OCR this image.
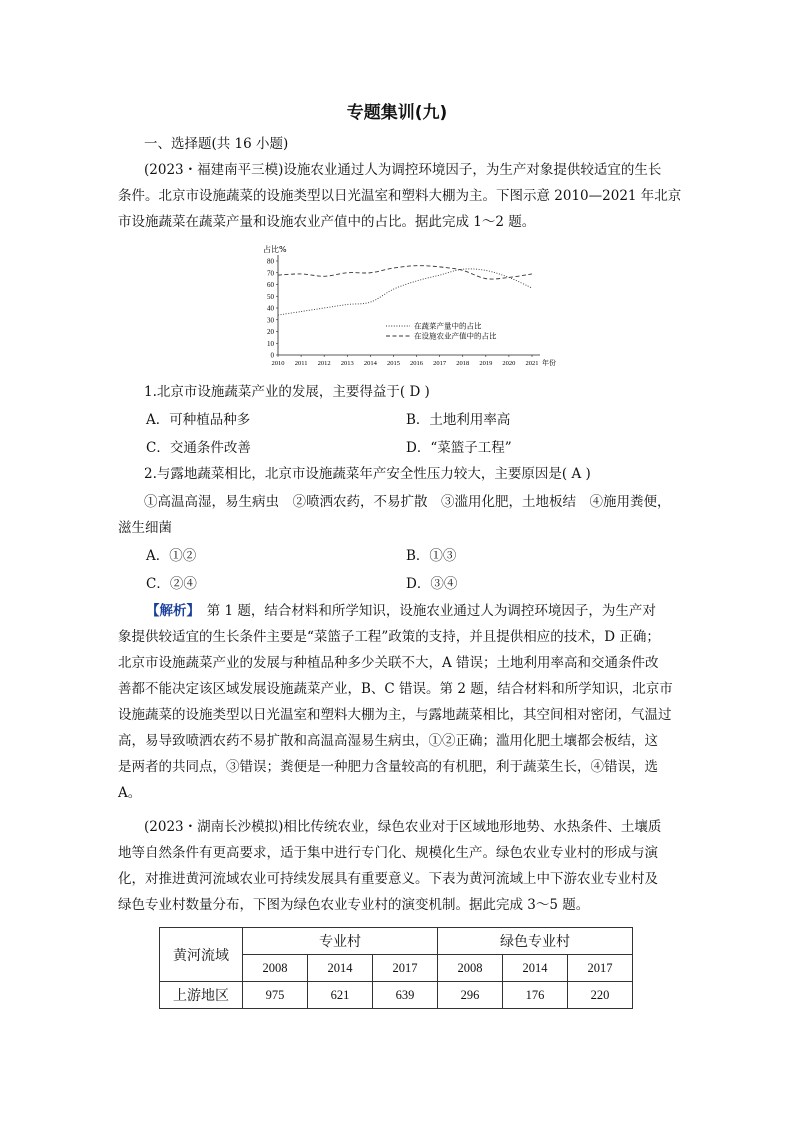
专题集训(九)
一、选择题(共 16 小题)
(2023・福建南平三模)设施农业通过人为调控环境因子，为生产对象提供较适宜的生长
条件。北京市设施蔬菜的设施类型以日光温室和塑料大棚为主。下图示意 2010—2021 年北京
市设施蔬菜在蔬菜产量和设施农业产值中的占比。据此完成 1～2 题。
占比%
0
10
20
30
40
50
60
70
80
2010 2011 2012 2013 2014 2015 2016 2017 2018 2019 2020 2021 年份
在蔬菜产量中的占比
在设施农业产值中的占比
1.北京市设施蔬菜产业的发展，主要得益于( D )
A．可种植品种多	B．土地利用率高
C．交通条件改善	D．“菜篮子工程”
2.与露地蔬菜相比，北京市设施蔬菜年产安全性压力较大，主要原因是( A )
①高温高湿，易生病虫　②喷洒农药，不易扩散　③滥用化肥，土地板结　④施用粪便，
滋生细菌
A．①②	B．①③
C．②④	D．③④
【解析】　第 1 题，结合材料和所学知识，设施农业通过人为调控环境因子，为生产对
象提供较适宜的生长条件主要是“菜篮子工程”政策的支持，并且提供相应的技术，D 正确；
北京市设施蔬菜产业的发展与种植品种多少关联不大，A 错误；土地利用率高和交通条件改
善都不能决定该区域发展设施蔬菜产业，B、C 错误。第 2 题，结合材料和所学知识，北京市
设施蔬菜的设施类型以日光温室和塑料大棚为主，与露地蔬菜相比，其空间相对密闭，气温过
高，易导致喷洒农药不易扩散和高温高湿易生病虫，①②正确；滥用化肥土壤都会板结，这
是两者的共同点，③错误；粪便是一种肥力含量较高的有机肥，利于蔬菜生长，④错误，选
A。
(2023・湖南长沙模拟)相比传统农业，绿色农业对于区域地形地势、水热条件、土壤质
地等自然条件有更高要求，适于集中进行专门化、规模化生产。绿色农业专业村的形成与演
化，对推进黄河流域农业可持续发展具有重要意义。下表为黄河流域上中下游农业专业村及
绿色专业村数量分布，下图为绿色农业专业村的演变机制。据此完成 3～5 题。
黄河流域	专业村			绿色专业村		
	2008	2014	2017	2008	2014	2017
上游地区	975	621	639	296	176	220
